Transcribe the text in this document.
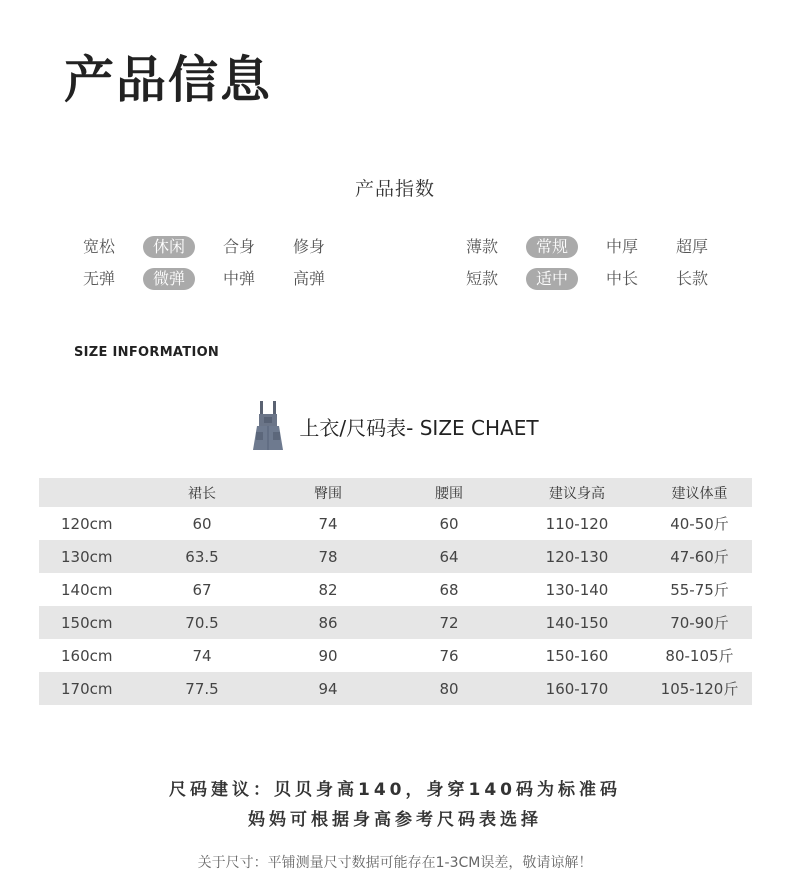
产品信息
产品指数
宽松	休闲	合身	修身
无弹	微弹	中弹	高弹
薄款	常规	中厚	超厚
短款	适中	中长	长款
SIZE INFORMATION
上衣/尺码表- SIZE CHAET
	裙长	臀围	腰围	建议身高	建议体重
120cm	60	74	60	110-120	40-50斤
130cm	63.5	78	64	120-130	47-60斤
140cm	67	82	68	130-140	55-75斤
150cm	70.5	86	72	140-150	70-90斤
160cm	74	90	76	150-160	80-105斤
170cm	77.5	94	80	160-170	105-120斤
尺码建议：贝贝身高140，身穿140码为标准码
妈妈可根据身高参考尺码表选择
关于尺寸：平铺测量尺寸数据可能存在1-3CM误差，敬请谅解！
